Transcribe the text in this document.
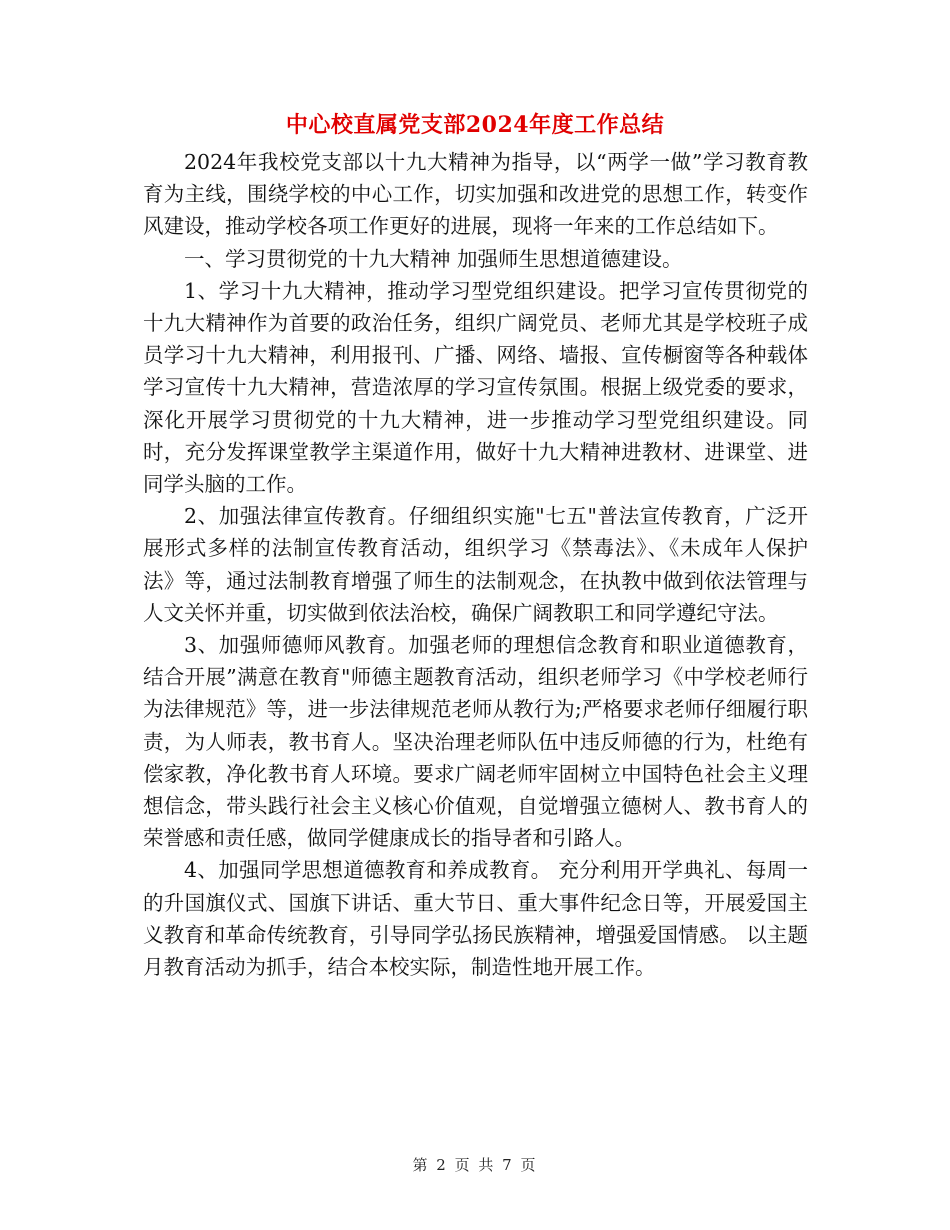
中心校直属党支部2024年度工作总结

2024年我校党支部以十九大精神为指导，以“两学一做”学习教育教育为主线，围绕学校的中心工作，切实加强和改进党的思想工作，转变作风建设，推动学校各项工作更好的进展，现将一年来的工作总结如下。

一、学习贯彻党的十九大精神 加强师生思想道德建设。

1、学习十九大精神，推动学习型党组织建设。把学习宣传贯彻党的十九大精神作为首要的政治任务，组织广阔党员、老师尤其是学校班子成员学习十九大精神，利用报刊、广播、网络、墙报、宣传橱窗等各种载体学习宣传十九大精神，营造浓厚的学习宣传氛围。根据上级党委的要求，深化开展学习贯彻党的十九大精神，进一步推动学习型党组织建设。同时，充分发挥课堂教学主渠道作用，做好十九大精神进教材、进课堂、进同学头脑的工作。

2、加强法律宣传教育。仔细组织实施"七五"普法宣传教育，广泛开展形式多样的法制宣传教育活动，组织学习《禁毒法》、《未成年人保护法》等，通过法制教育增强了师生的法制观念，在执教中做到依法管理与人文关怀并重，切实做到依法治校，确保广阔教职工和同学遵纪守法。

3、加强师德师风教育。加强老师的理想信念教育和职业道德教育，结合开展”满意在教育"师德主题教育活动，组织老师学习《中学校老师行为法律规范》等，进一步法律规范老师从教行为;严格要求老师仔细履行职责，为人师表，教书育人。坚决治理老师队伍中违反师德的行为，杜绝有偿家教，净化教书育人环境。要求广阔老师牢固树立中国特色社会主义理想信念，带头践行社会主义核心价值观，自觉增强立德树人、教书育人的荣誉感和责任感，做同学健康成长的指导者和引路人。

4、加强同学思想道德教育和养成教育。 充分利用开学典礼、每周一的升国旗仪式、国旗下讲话、重大节日、重大事件纪念日等，开展爱国主义教育和革命传统教育，引导同学弘扬民族精神，增强爱国情感。 以主题月教育活动为抓手，结合本校实际，制造性地开展工作。

第 2 页 共 7 页
